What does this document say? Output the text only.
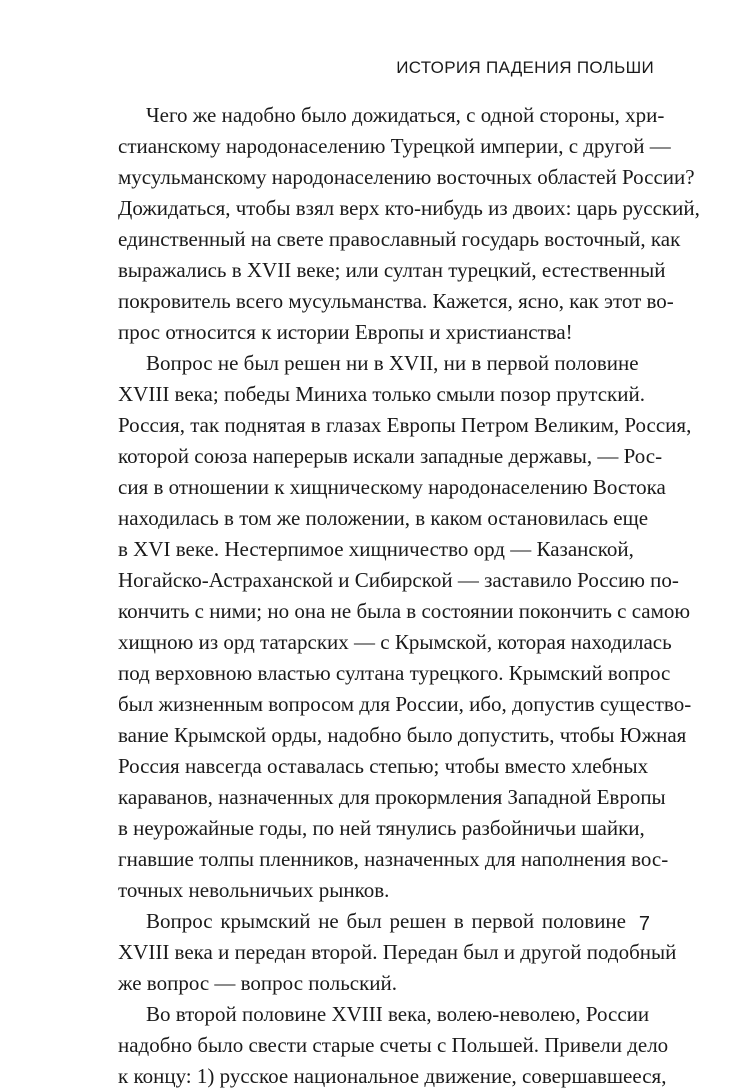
ИСТОРИЯ ПАДЕНИЯ ПОЛЬШИ
Чего же надобно было дожидаться, с одной стороны, хри-
стианскому народонаселению Турецкой империи, с другой —
мусульманскому народонаселению восточных областей России?
Дожидаться, чтобы взял верх кто-нибудь из двоих: царь русский,
единственный на свете православный государь восточный, как
выражались в XVII веке; или султан турецкий, естественный
покровитель всего мусульманства. Кажется, ясно, как этот во-
прос относится к истории Европы и христианства!
Вопрос не был решен ни в XVII, ни в первой половине
XVIII века; победы Миниха только смыли позор прутский.
Россия, так поднятая в глазах Европы Петром Великим, Россия,
которой союза наперерыв искали западные державы, — Рос-
сия в отношении к хищническому народонаселению Востока
находилась в том же положении, в каком остановилась еще
в XVI веке. Нестерпимое хищничество орд — Казанской,
Ногайско-Астраханской и Сибирской — заставило Россию по-
кончить с ними; но она не была в состоянии покончить с самою
хищною из орд татарских — с Крымской, которая находилась
под верховною властью султана турецкого. Крымский вопрос
был жизненным вопросом для России, ибо, допустив существо-
вание Крымской орды, надобно было допустить, чтобы Южная
Россия навсегда оставалась степью; чтобы вместо хлебных
караванов, назначенных для прокормления Западной Европы
в неурожайные годы, по ней тянулись разбойничьи шайки,
гнавшие толпы пленников, назначенных для наполнения вос-
точных невольничьих рынков.
Вопрос крымский не был решен в первой половине
XVIII века и передан второй. Передан был и другой подобный
же вопрос — вопрос польский.
Во второй половине XVIII века, волею-неволею, России
надобно было свести старые счеты с Польшей. Привели дело
к концу: 1) русское национальное движение, совершавшееся,
7
